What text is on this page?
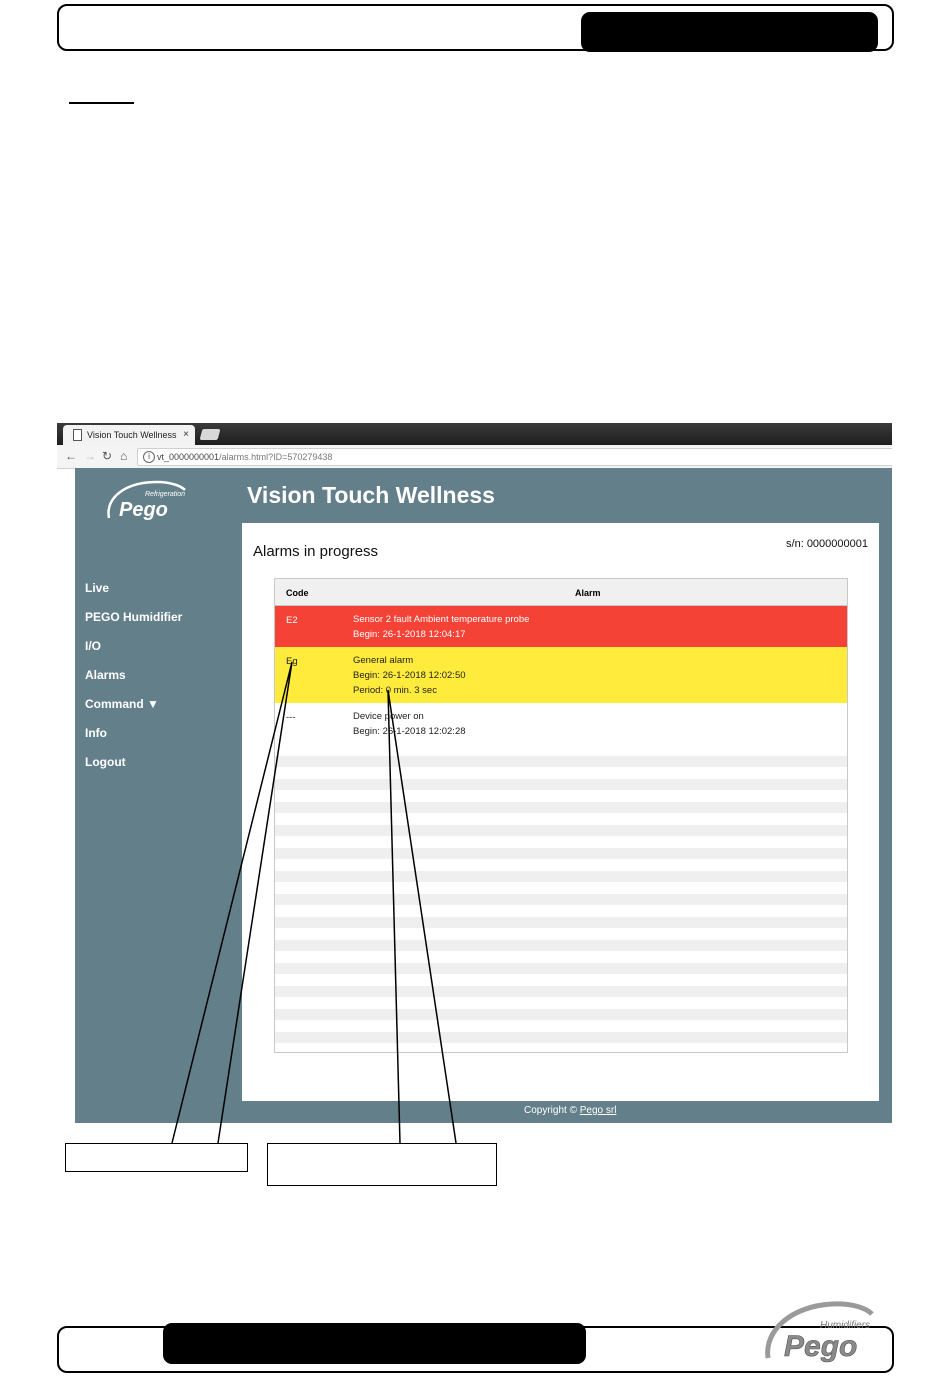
Humidifiers
Pego
Vision Touch Wellness ×
← → ↻ ⌂	i vt_0000000001/alarms.html?ID=570279438
Refrigeration
Pego
Vision Touch Wellness
Live
PEGO Humidifier
I/O
Alarms
Command ▼
Info
Logout
Alarms in progress	s/n: 0000000001
Code	Alarm
E2	Sensor 2 fault Ambient temperature probe
Begin: 26-1-2018 12:04:17
Eg	General alarm
Begin: 26-1-2018 12:02:50
Period: 0 min. 3 sec
---	Device power on
Begin: 26-1-2018 12:02:28
Copyright © Pego srl
